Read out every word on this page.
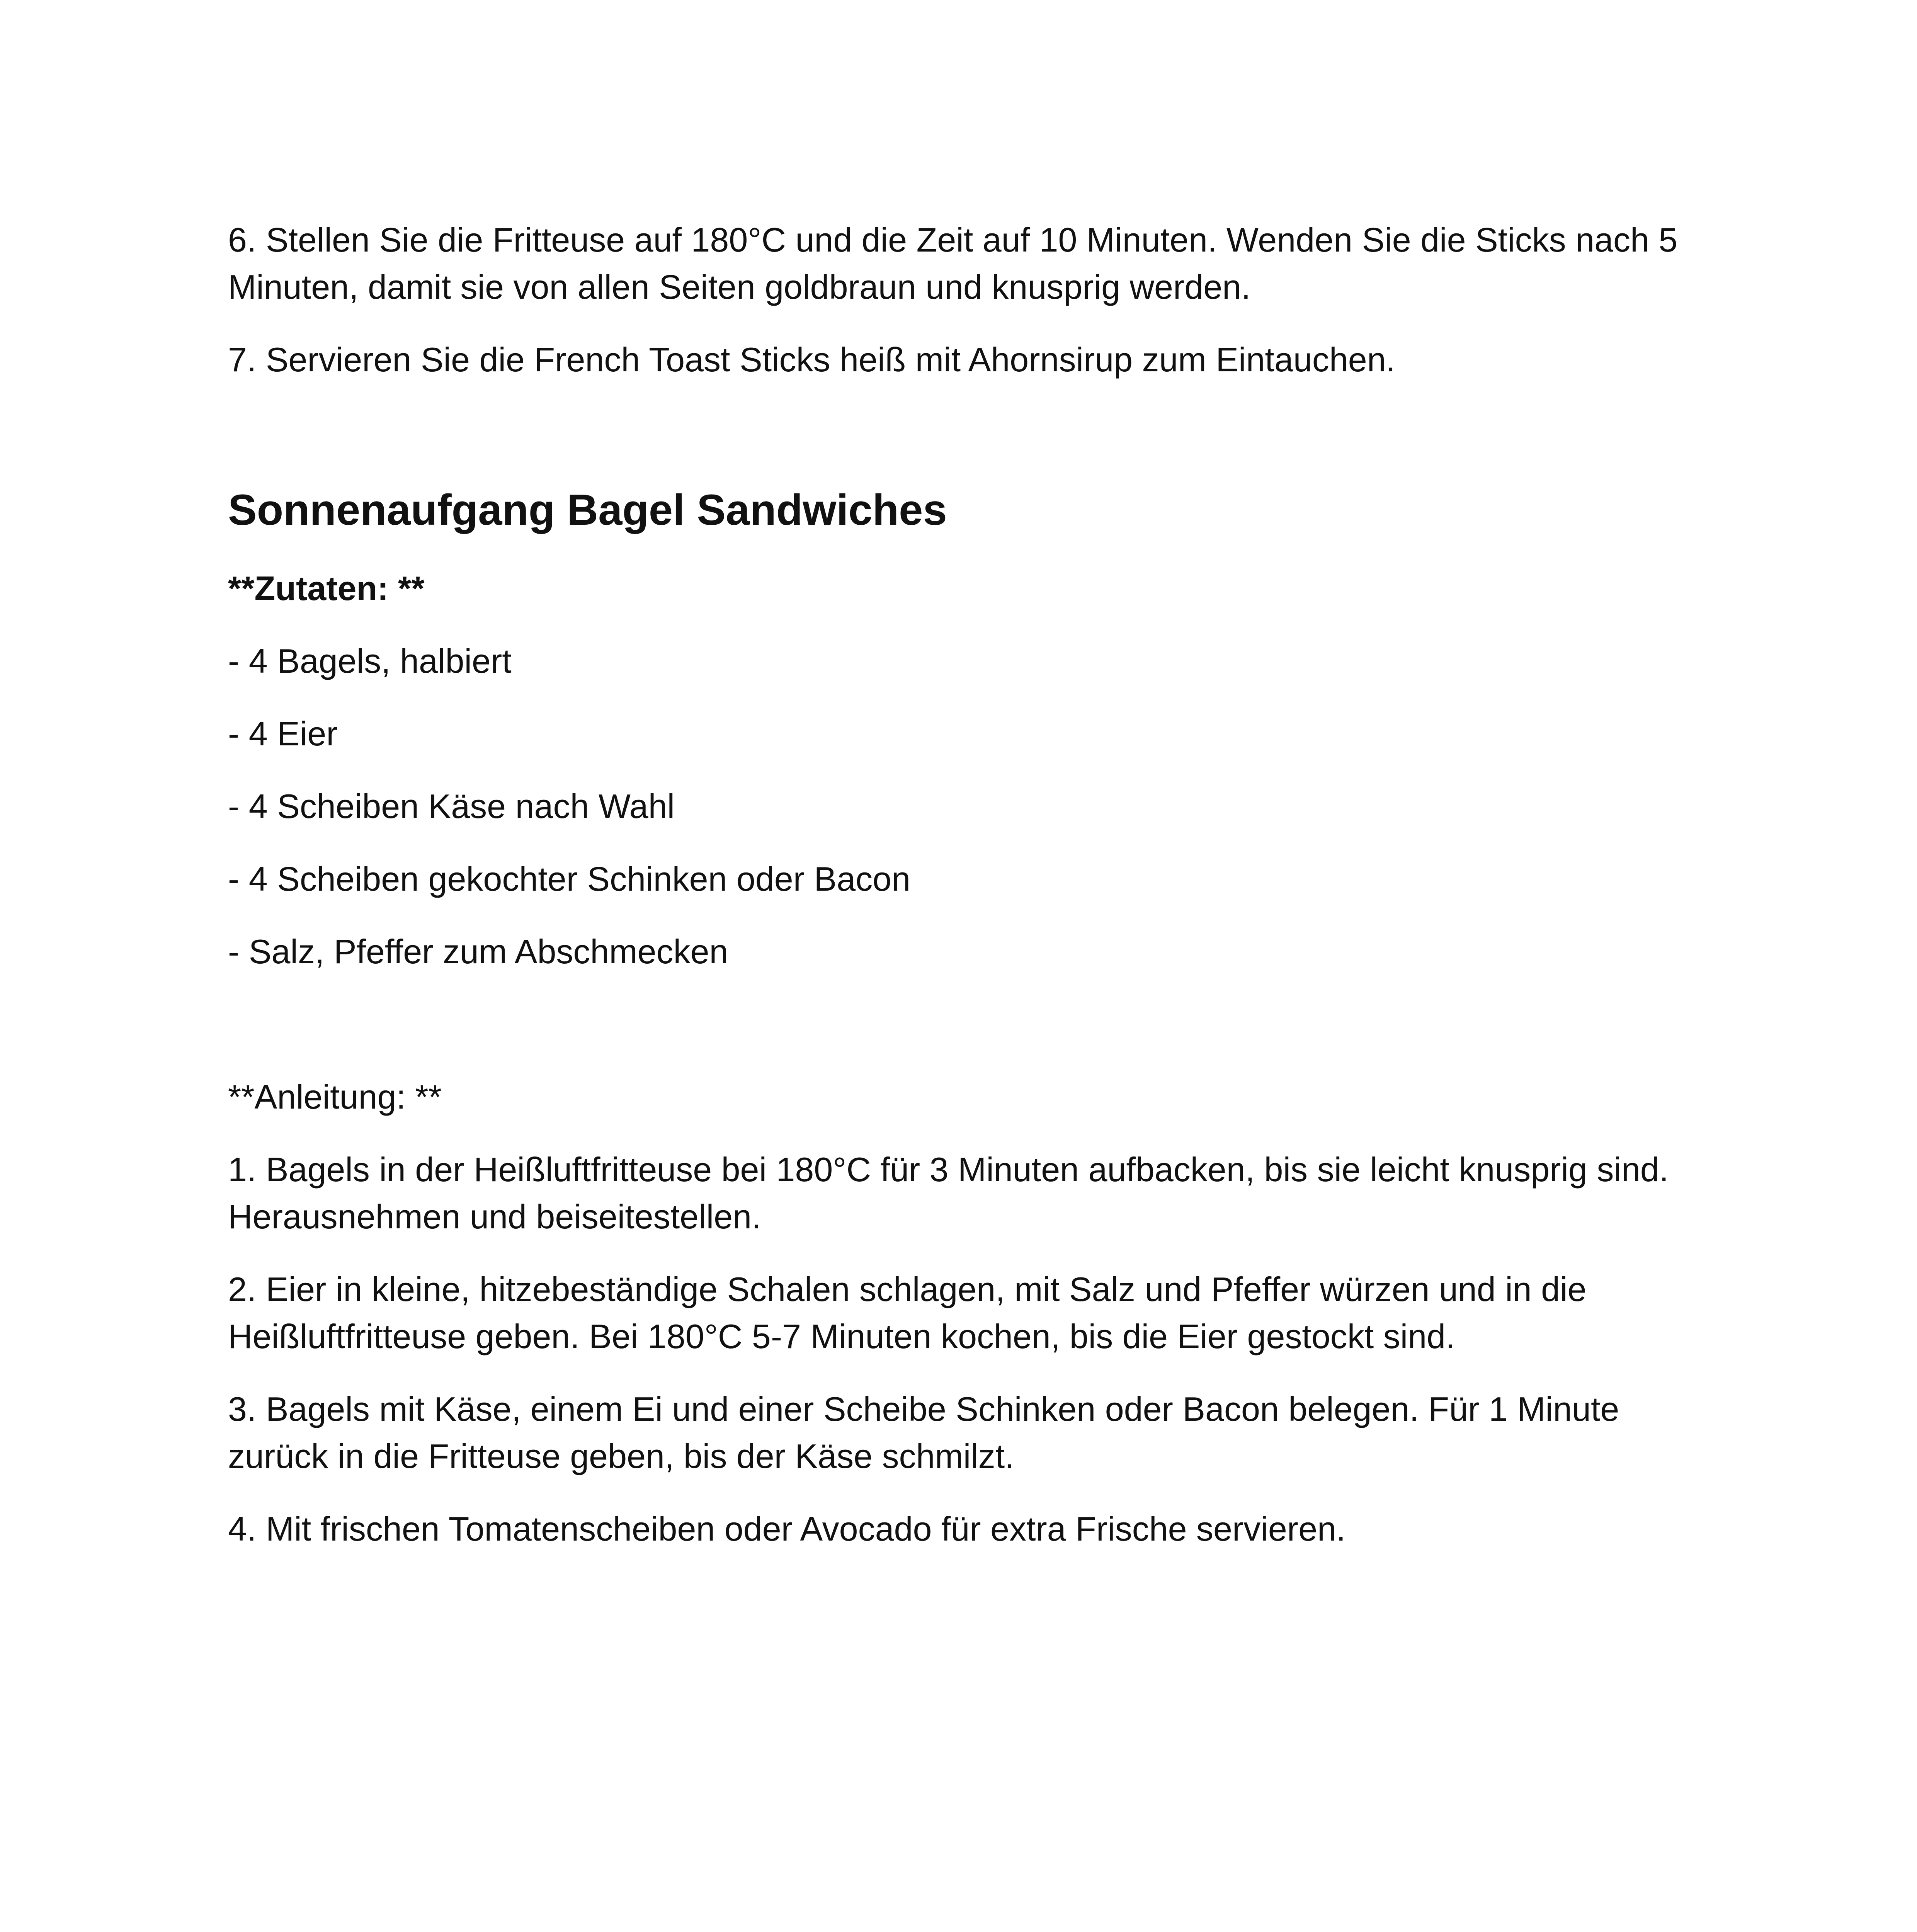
6. Stellen Sie die Fritteuse auf 180°C und die Zeit auf 10 Minuten. Wenden Sie die Sticks nach 5 Minuten, damit sie von allen Seiten goldbraun und knusprig werden.

7. Servieren Sie die French Toast Sticks heiß mit Ahornsirup zum Eintauchen.

Sonnenaufgang Bagel Sandwiches

**Zutaten: **

- 4 Bagels, halbiert
- 4 Eier
- 4 Scheiben Käse nach Wahl
- 4 Scheiben gekochter Schinken oder Bacon
- Salz, Pfeffer zum Abschmecken

**Anleitung: **

1. Bagels in der Heißluftfritteuse bei 180°C für 3 Minuten aufbacken, bis sie leicht knusprig sind. Herausnehmen und beiseitestellen.

2. Eier in kleine, hitzebeständige Schalen schlagen, mit Salz und Pfeffer würzen und in die Heißluftfritteuse geben. Bei 180°C 5-7 Minuten kochen, bis die Eier gestockt sind.

3. Bagels mit Käse, einem Ei und einer Scheibe Schinken oder Bacon belegen. Für 1 Minute zurück in die Fritteuse geben, bis der Käse schmilzt.

4. Mit frischen Tomatenscheiben oder Avocado für extra Frische servieren.
